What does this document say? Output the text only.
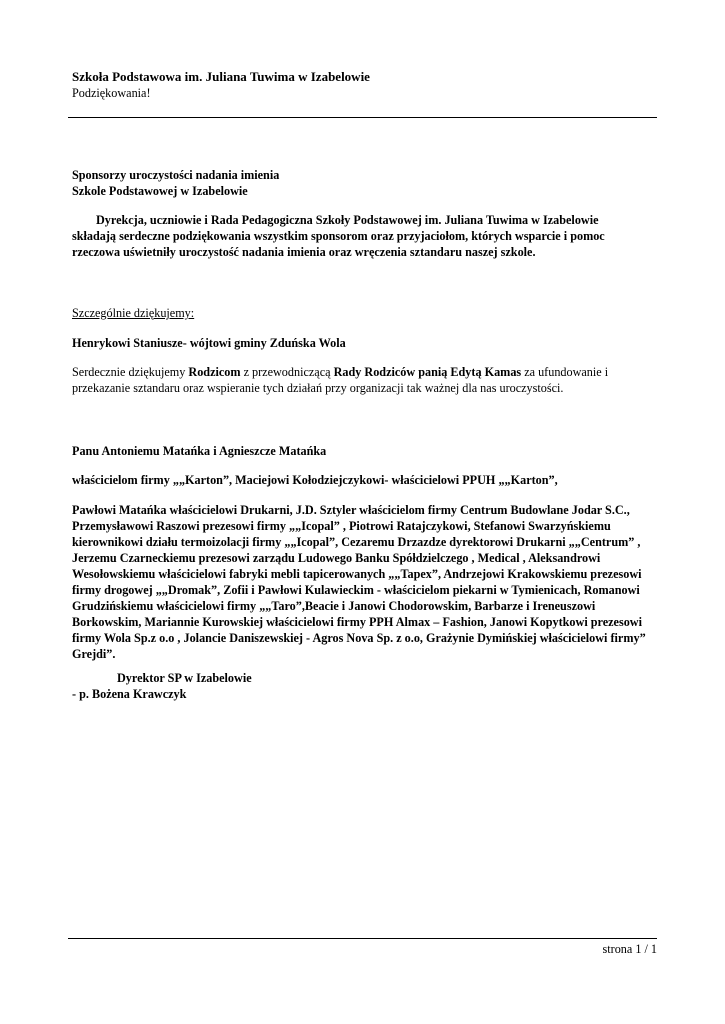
Szkoła Podstawowa im. Juliana Tuwima w Izabelowie
Podziękowania!
Sponsorzy uroczystości nadania imienia
Szkole Podstawowej w Izabelowie
Dyrekcja, uczniowie i Rada Pedagogiczna Szkoły Podstawowej im. Juliana Tuwima w Izabelowie
składają serdeczne podziękowania wszystkim sponsorom oraz przyjaciołom, których wsparcie i pomoc
rzeczowa uświetniły uroczystość nadania imienia oraz wręczenia sztandaru naszej szkole.
Szczególnie dziękujemy:
Henrykowi Staniusze- wójtowi gminy Zduńska Wola
Serdecznie dziękujemy Rodzicom z przewodniczącą Rady Rodziców panią Edytą Kamas za ufundowanie i
przekazanie sztandaru oraz wspieranie tych działań przy organizacji tak ważnej dla nas uroczystości.
Panu Antoniemu Matańka i Agnieszcze Matańka
właścicielom firmy „„Karton”, Maciejowi Kołodziejczykowi- właścicielowi PPUH „„Karton”,
Pawłowi Matańka właścicielowi Drukarni, J.D. Sztyler właścicielom firmy Centrum Budowlane Jodar S.C.,
Przemysławowi Raszowi prezesowi firmy „„Icopal” , Piotrowi Ratajczykowi, Stefanowi Swarzyńskiemu
kierownikowi działu termoizolacji firmy „„Icopal”, Cezaremu Drzazdze dyrektorowi Drukarni „„Centrum” ,
Jerzemu Czarneckiemu prezesowi zarządu Ludowego Banku Spółdzielczego , Medical , Aleksandrowi
Wesołowskiemu właścicielowi fabryki mebli tapicerowanych „„Tapex”, Andrzejowi Krakowskiemu prezesowi
firmy drogowej „„Dromak”, Zofii i Pawłowi Kulawieckim - właścicielom piekarni w Tymienicach, Romanowi
Grudzińskiemu właścicielowi firmy „„Taro”,Beacie i Janowi Chodorowskim, Barbarze i Ireneuszowi
Borkowskim, Mariannie Kurowskiej właścicielowi firmy PPH Almax – Fashion, Janowi Kopytkowi prezesowi
firmy Wola Sp.z o.o , Jolancie Daniszewskiej - Agros Nova Sp. z o.o, Grażynie Dymińskiej właścicielowi firmy”
Grejdi”.
Dyrektor SP w Izabelowie
- p. Bożena Krawczyk
strona 1 / 1
